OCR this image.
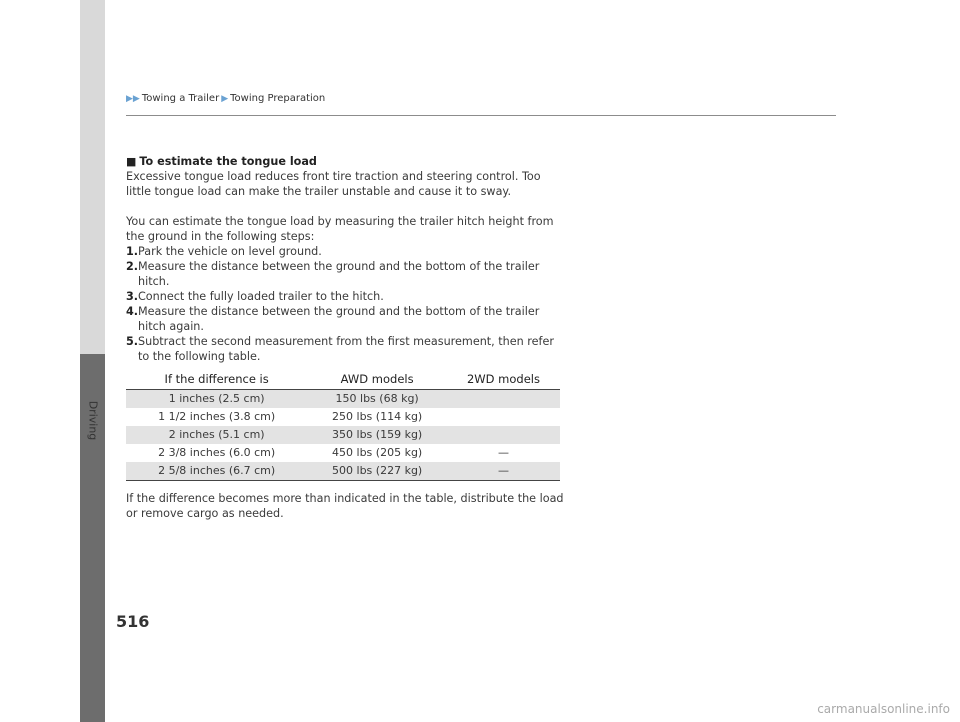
Driving
▶▶ Towing a Trailer ▶ Towing Preparation
■ To estimate the tongue load

Excessive tongue load reduces front tire traction and steering control. Too little tongue load can make the trailer unstable and cause it to sway.

You can estimate the tongue load by measuring the trailer hitch height from the ground in the following steps:

1. Park the vehicle on level ground.
2. Measure the distance between the ground and the bottom of the trailer hitch.
3. Connect the fully loaded trailer to the hitch.
4. Measure the distance between the ground and the bottom of the trailer hitch again.
5. Subtract the second measurement from the first measurement, then refer to the following table.
If the difference is	AWD models	2WD models
1 inches (2.5 cm)	150 lbs (68 kg)	
1 1/2 inches (3.8 cm)	250 lbs (114 kg)	
2 inches (5.1 cm)	350 lbs (159 kg)	
2 3/8 inches (6.0 cm)	450 lbs (205 kg)	—
2 5/8 inches (6.7 cm)	500 lbs (227 kg)	—

If the difference becomes more than indicated in the table, distribute the load or remove cargo as needed.

516
carmanualsonline.info
